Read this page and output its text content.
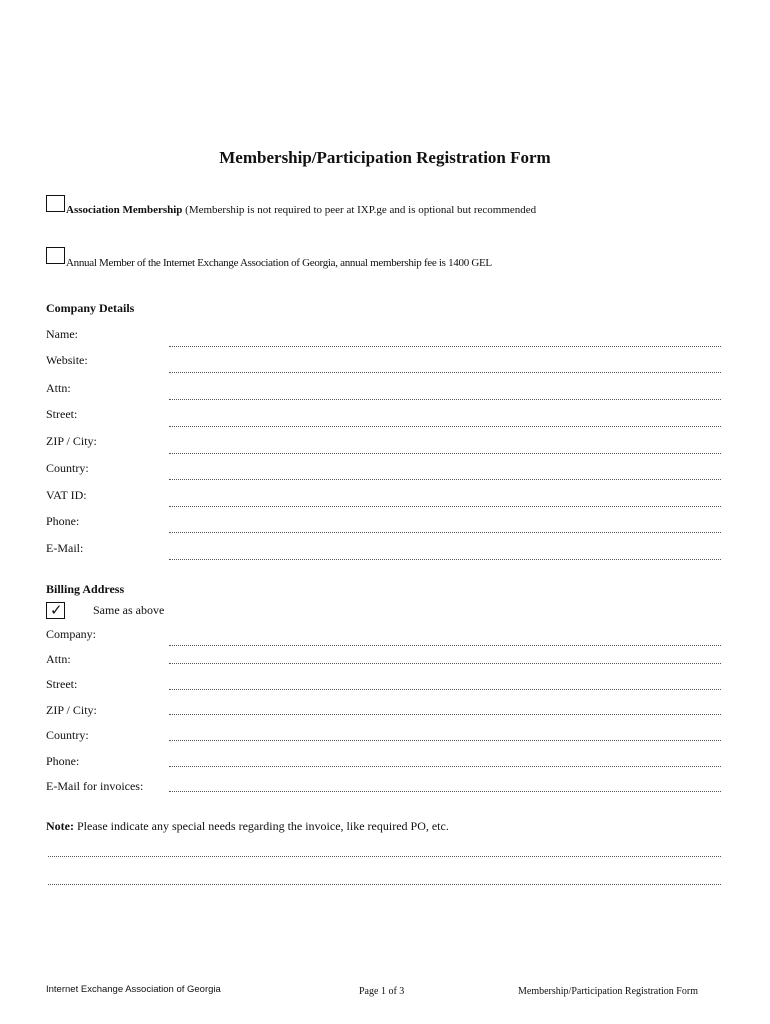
Membership/Participation Registration Form
Association Membership (Membership is not required to peer at IXP.ge and is optional but recommended
Annual Member of the Internet Exchange Association of Georgia, annual membership fee is 1400 GEL
Company Details
Name:
Website:
Attn:
Street:
ZIP / City:
Country:
VAT ID:
Phone:
E-Mail:
Billing Address
✓	Same as above
Company:
Attn:
Street:
ZIP / City:
Country:
Phone:
E-Mail for invoices:
Note: Please indicate any special needs regarding the invoice, like required PO, etc.
Internet Exchange Association of Georgia	Page 1 of 3	Membership/Participation Registration Form
